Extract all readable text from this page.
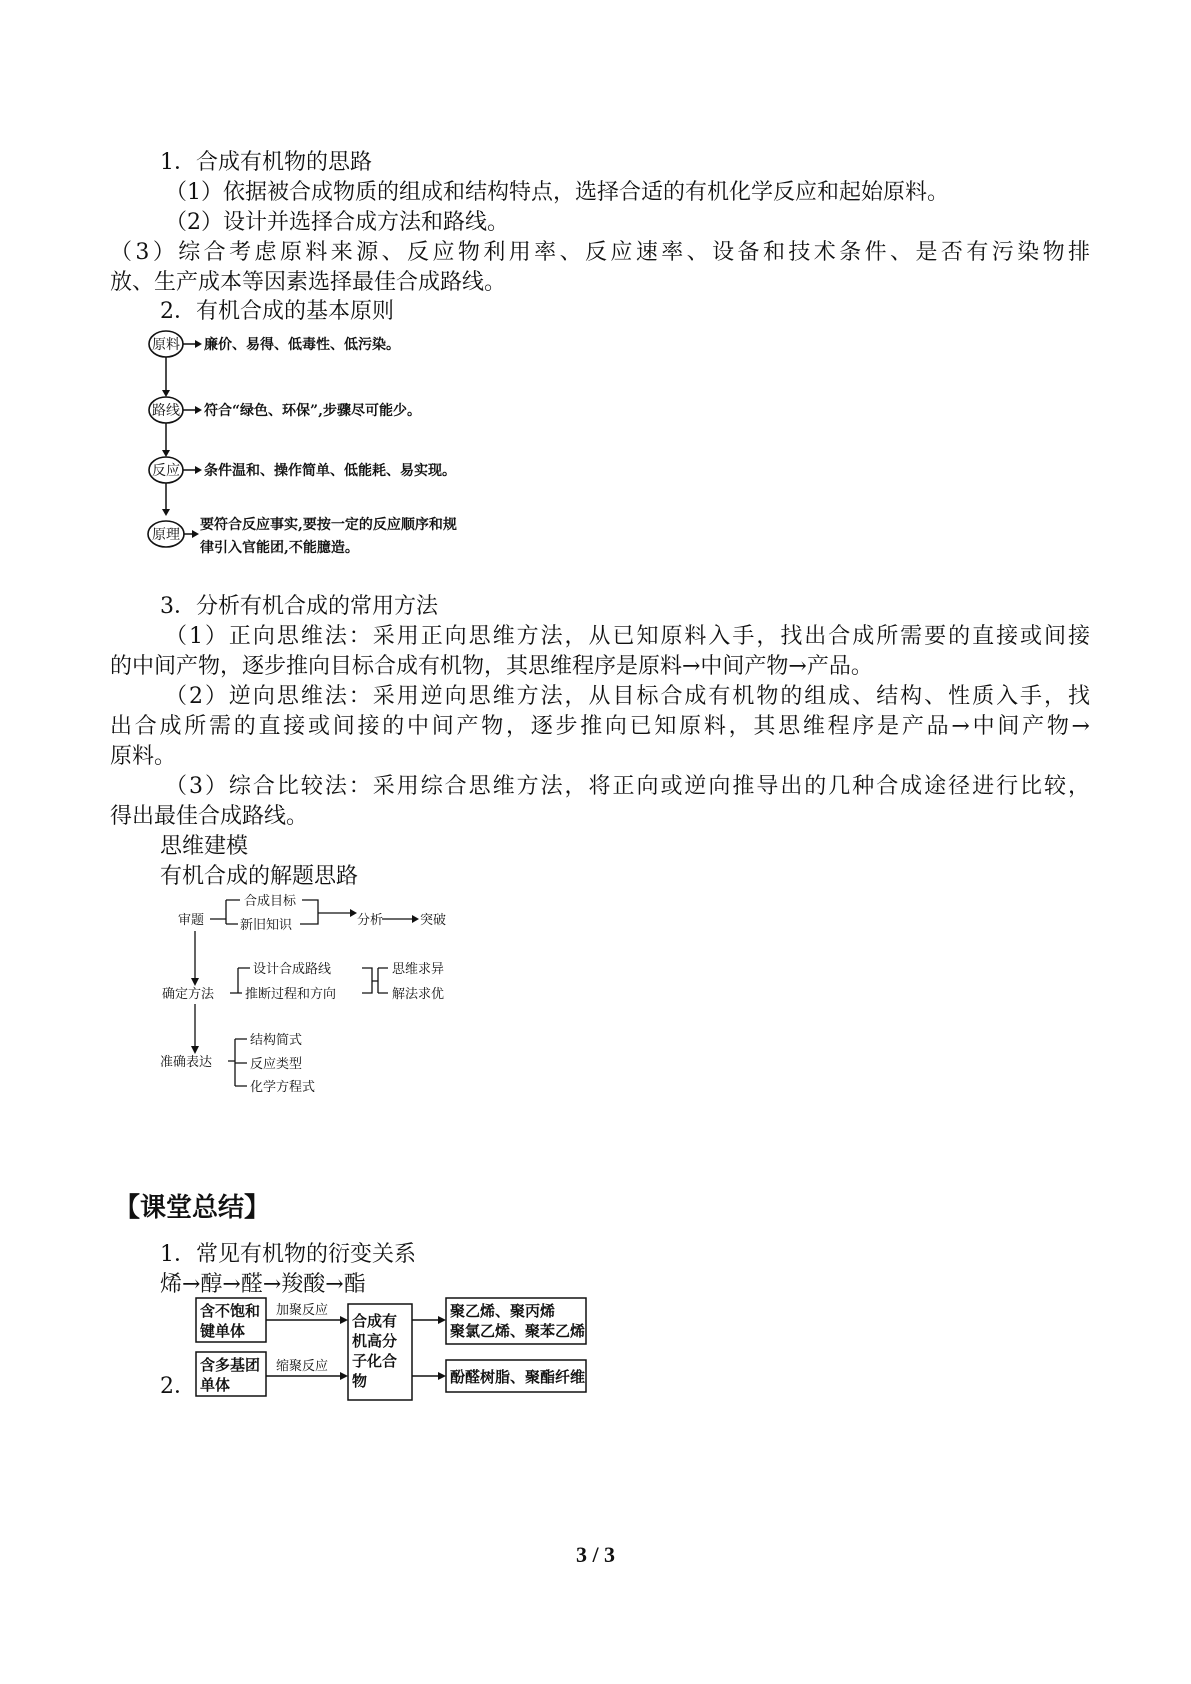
1．合成有机物的思路
（1）依据被合成物质的组成和结构特点，选择合适的有机化学反应和起始原料。
（2）设计并选择合成方法和路线。
（3）综合考虑原料来源、反应物利用率、反应速率、设备和技术条件、是否有污染物排
放、生产成本等因素选择最佳合成路线。
2．有机合成的基本原则
原料 廉价、易得、低毒性、低污染。
路线 符合“绿色、环保”,步骤尽可能少。
反应 条件温和、操作简单、低能耗、易实现。
原理
要符合反应事实,要按一定的反应顺序和规
律引入官能团,不能臆造。
3．分析有机合成的常用方法
（1）正向思维法：采用正向思维方法，从已知原料入手，找出合成所需要的直接或间接
的中间产物，逐步推向目标合成有机物，其思维程序是原料→中间产物→产品。
（2）逆向思维法：采用逆向思维方法，从目标合成有机物的组成、结构、性质入手，找
出合成所需的直接或间接的中间产物，逐步推向已知原料，其思维程序是产品→中间产物→
原料。
（3）综合比较法：采用综合思维方法，将正向或逆向推导出的几种合成途径进行比较，
得出最佳合成路线。
思维建模
有机合成的解题思路
审题
合成目标
新旧知识	分析	突破
确定方法
设计合成路线
推断过程和方向
思维求异
解法求优
准确表达
结构简式
反应类型
化学方程式
【课堂总结】
1．常见有机物的衍变关系
烯→醇→醛→羧酸→酯
2．
含不饱和
键单体
含多基团
单体
合成有
机高分
子化合
物
聚乙烯、聚丙烯
聚氯乙烯、聚苯乙烯
酚醛树脂、聚酯纤维
加聚反应
缩聚反应
3 / 3
